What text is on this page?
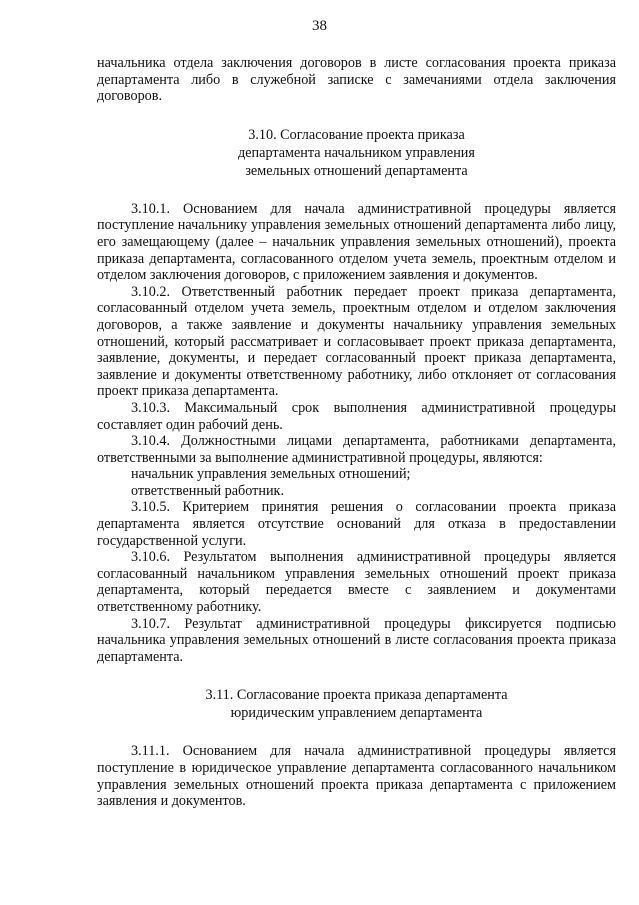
38

начальника отдела заключения договоров в листе согласования проекта приказа департамента либо в служебной записке с замечаниями отдела заключения договоров.

3.10. Согласование проекта приказа
департамента начальником управления
земельных отношений департамента

3.10.1. Основанием для начала административной процедуры является поступление начальнику управления земельных отношений департамента либо лицу, его замещающему (далее – начальник управления земельных отношений), проекта приказа департамента, согласованного отделом учета земель, проектным отделом и отделом заключения договоров, с приложением заявления и документов.

3.10.2. Ответственный работник передает проект приказа департамента, согласованный отделом учета земель, проектным отделом и отделом заключения договоров, а также заявление и документы начальнику управления земельных отношений, который рассматривает и согласовывает проект приказа департамента, заявление, документы, и передает согласованный проект приказа департамента, заявление и документы ответственному работнику, либо отклоняет от согласования проект приказа департамента.

3.10.3. Максимальный срок выполнения административной процедуры составляет один рабочий день.

3.10.4. Должностными лицами департамента, работниками департамента, ответственными за выполнение административной процедуры, являются:

начальник управления земельных отношений;

ответственный работник.

3.10.5. Критерием принятия решения о согласовании проекта приказа департамента является отсутствие оснований для отказа в предоставлении государственной услуги.

3.10.6. Результатом выполнения административной процедуры является согласованный начальником управления земельных отношений проект приказа департамента, который передается вместе с заявлением и документами ответственному работнику.

3.10.7. Результат административной процедуры фиксируется подписью начальника управления земельных отношений в листе согласования проекта приказа департамента.

3.11. Согласование проекта приказа департамента
юридическим управлением департамента

3.11.1. Основанием для начала административной процедуры является поступление в юридическое управление департамента согласованного начальником управления земельных отношений проекта приказа департамента с приложением заявления и документов.
